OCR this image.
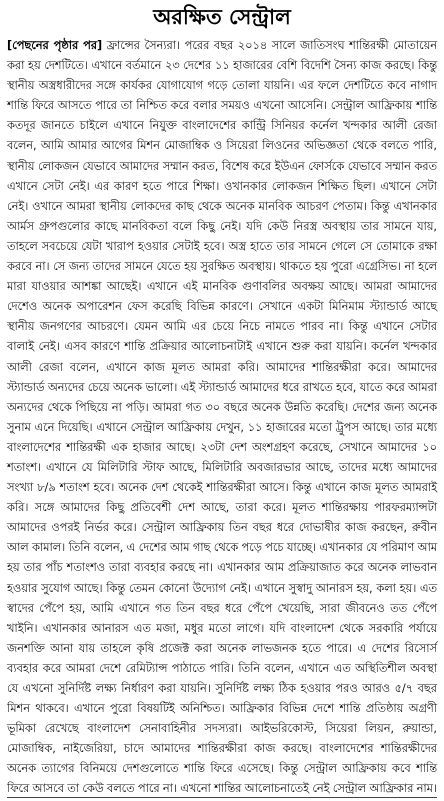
অরক্ষিত সেন্ট্রাল

[পেছনের পৃষ্ঠার পর] ফ্রান্সের সৈন্যরা। পরের বছর ২০১৪ সালে জাতিসংঘ শান্তিরক্ষী মোতায়েন করা হয় দেশটিতে। এখানে বর্তমানে ২৩ দেশের ১১ হাজারের বেশি বিদেশি সৈন্য কাজ করছে। কিন্তু স্থানীয় অস্ত্রধারীদের সঙ্গে কার্যকর যোগাযোগ গড়ে তোলা যায়নি। এর ফলে দেশটিতে কবে নাগাদ শান্তি ফিরে আসতে পারে তা নিশ্চিত করে বলার সময়ও এখনো আসেনি। সেন্ট্রাল আফ্রিকায় শান্তি কতদূর জানতে চাইলে এখানে নিযুক্ত বাংলাদেশের কান্ট্রি সিনিয়র কর্নেল খন্দকার আলী রেজা বলেন, আমি আমার আগের মিশন মোজাম্বিক ও সিয়েরা লিওনের অভিজ্ঞতা থেকে বলতে পারি, স্থানীয় লোকজন যেভাবে আমাদের সম্মান করত, বিশেষ করে ইউএন ফোর্সকে যেভাবে সম্মান করত এখানে সেটা নেই। এর কারণ হতে পারে শিক্ষা। ওখানকার লোকজন শিক্ষিত ছিল। এখানে সেটা নেই। ওখানে আমরা স্থানীয় লোকদের কাছ থেকে অনেক মানবিক আচরণ পেতাম। কিন্তু এখানকার আর্মস গ্রুপগুলোর কাছে মানবিকতা বলে কিছু নেই। যদি কেউ নিরস্ত্র অবস্থায় তার সামনে যায়, তাহলে সবচেয়ে যেটা খারাপ হওয়ার সেটাই হবে। অস্ত্র হাতে তার সামনে গেলে সে তোমাকে রক্ষা করবে না। সে জন্য তাদের সামনে যেতে হয় সুরক্ষিত অবস্থায়। থাকতে হয় পুরো এগ্রেসিভ। না হলে মারা যাওয়ার আশঙ্কা আছেই। এখানে এই মানবিক গুণাবলির অবক্ষয় আছে। আমরা আমাদের দেশেও অনেক অপারেশন ফেস করেছি বিভিন্ন কারণে। সেখানে একটা মিনিমাম স্ট্যান্ডার্ড আছে স্থানীয় জনগণের আচরণে। যেমন আমি এর চেয়ে নিচে নামতে পারব না। কিন্তু এখানে সেটার বালাই নেই। এসব কারণে শান্তি প্রক্রিয়ার আলোচনাটাই এখানে শুরু করা যায়নি। কর্নেল খন্দকার আলী রেজা বলেন, এখানে কাজ মূলত আমরা করি। আমাদের শান্তিরক্ষীরা করে। আমাদের স্ট্যান্ডার্ড অন্যদের চেয়ে অনেক ভালো। এই স্ট্যান্ডার্ড আমাদের ধরে রাখতে হবে, যাতে করে আমরা অন্যদের থেকে পিছিয়ে না পড়ি। আমরা গত ৩০ বছরে অনেক উন্নতি করেছি। দেশের জন্য অনেক সুনাম এনে দিয়েছি। এখানে সেন্ট্রাল আফ্রিকায় দেখুন, ১১ হাজারের মতো ট্রুপস আছে। তার মধ্যে বাংলাদেশের শান্তিরক্ষী এক হাজার আছে। ২৩টা দেশ অংশগ্রহণ করেছে, সেখানে আমাদের ১০ শতাংশ। এখানে যে মিলিটারি স্টাফ আছে, মিলিটারি অবজারভার আছে, তাদের মধ্যে আমাদের সংখ্যা ৮/৯ শতাংশ হবে। অনেক দেশ থেকেই শান্তিরক্ষীরা আসে। কিন্তু এখানে কাজ মূলত আমরাই করি। সঙ্গে আমাদের কিছু প্রতিবেশী দেশ আছে, তারা করে। মূলত শান্তিরক্ষায় পারফরম্যান্সটা আমাদের ওপরই নির্ভর করে। সেন্ট্রাল আফ্রিকায় তিন বছর ধরে দোভাষীর কাজ করছেন, রুবীন আল কামাল। তিনি বলেন, এ দেশের আম গাছ থেকে পড়ে পচে যাচ্ছে। এখানকার যে পরিমাণ আম হয় তার পাঁচ শতাংশও তারা ব্যবহার করছে না। এখানকার আম প্রক্রিয়াজাত করে অনেক লাভবান হওয়ার সুযোগ আছে। কিন্তু তেমন কোনো উদ্যোগ নেই। এখানে সুস্বাদু আনারস হয়, কলা হয়। এত স্বাদের পেঁপে হয়, আমি এখানে গত তিন বছর ধরে পেঁপে খেয়েছি, সারা জীবনেও তত পেঁপে খাইনি। এখানকার আনারস এত মজা, মধুর মতো লাগে। যদি বাংলাদেশ থেকে সরকারি পর্যায়ে জনশক্তি আনা যায় তাহলে কৃষি প্রজেক্ট করা অনেক লাভজনক হতে পারে। এ দেশের রিসোর্স ব্যবহার করে আমরা দেশে রেমিট্যান্স পাঠাতে পারি। তিনি বলেন, এখানে এত অস্থিতিশীল অবস্থা যে এখনো সুনির্দিষ্ট লক্ষ্য নির্ধারণ করা যায়নি। সুনির্দিষ্ট লক্ষ্য ঠিক হওয়ার পরও আরও ৫/৭ বছর মিশন থাকবে। এখানে পুরো বিষয়টিই অনিশ্চিত। আফ্রিকার বিভিন্ন দেশে শান্তি প্রতিষ্ঠায় অগ্রণী ভূমিকা রেখেছে বাংলাদেশ সেনাবাহিনীর সদস্যরা। আইভরিকোস্ট, সিয়েরা লিয়ন, রুয়ান্ডা, মোজাম্বিক, নাইজেরিয়া, চাদে আমাদের শান্তিরক্ষীরা কাজ করছে। বাংলাদেশের শান্তিরক্ষীদের অনেক ত্যাগের বিনিময়ে দেশগুলোতে শান্তি ফিরে এসেছে। কিন্তু সেন্ট্রাল আফ্রিকায় কবে শান্তি ফিরে আসবে তা কেউ বলতে পারে না। এখনো শান্তির আলোচনাতেই নেই সেন্ট্রাল আফ্রিকার নাম।
